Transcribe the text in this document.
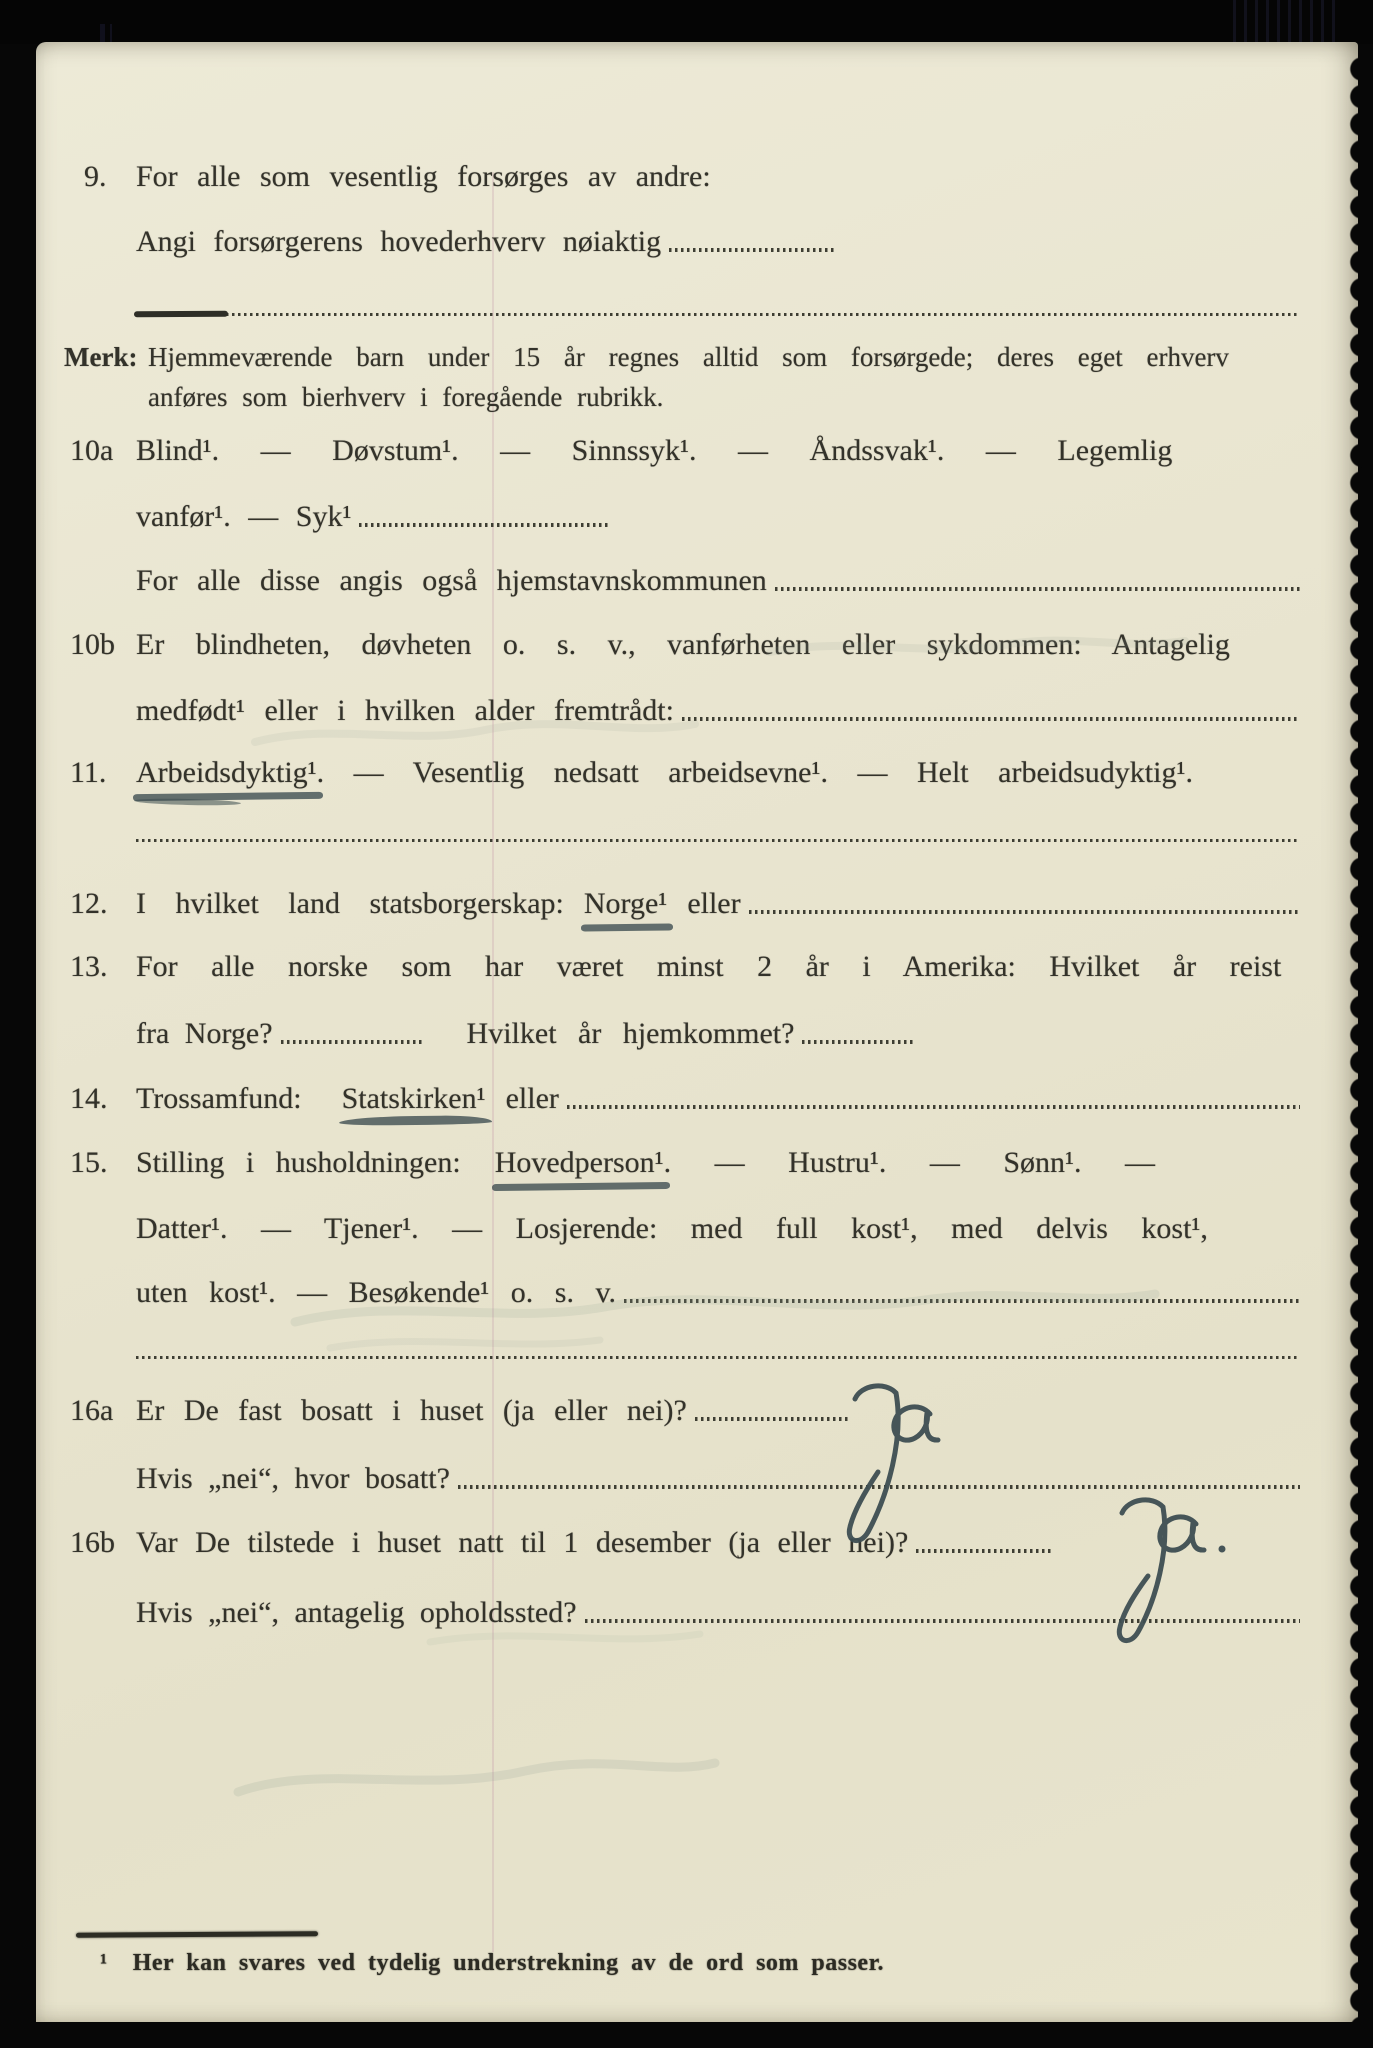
9. For alle som vesentlig forsørges av andre:
Angi forsørgerens hovederhverv nøiaktig
Merk: Hjemmeværende barn under 15 år regnes alltid som forsørgede; deres eget erhverv
anføres som bierhverv i foregående rubrikk.
10a Blind¹. — Døvstum¹. — Sinnssyk¹. — Åndssvak¹. — Legemlig
vanfør¹. — Syk¹
For alle disse angis også hjemstavnskommunen
10b Er blindheten, døvheten o. s. v., vanførheten eller sykdommen: Antagelig
medfødt¹ eller i hvilken alder fremtrådt:
11. Arbeidsdyktig¹ . — Vesentlig nedsatt arbeidsevne¹. — Helt arbeidsudyktig¹.
12. I hvilket land statsborgerskap: Norge¹ eller
13. For alle norske som har været minst 2 år i Amerika: Hvilket år reist
fra Norge?	Hvilket år hjemkommet?
14. Trossamfund: Statskirken¹ eller
15. Stilling i husholdningen: Hovedperson¹ . — Hustru¹. — Sønn¹. —
Datter¹. — Tjener¹. — Losjerende: med full kost¹, med delvis kost¹,
uten kost¹. — Besøkende¹ o. s. v.
16a Er De fast bosatt i huset (ja eller nei)?
Hvis „nei“, hvor bosatt?
16b Var De tilstede i huset natt til 1 desember (ja eller nei)?
Hvis „nei“, antagelig opholdssted?
¹  Her kan svares ved tydelig understrekning av de ord som passer.
